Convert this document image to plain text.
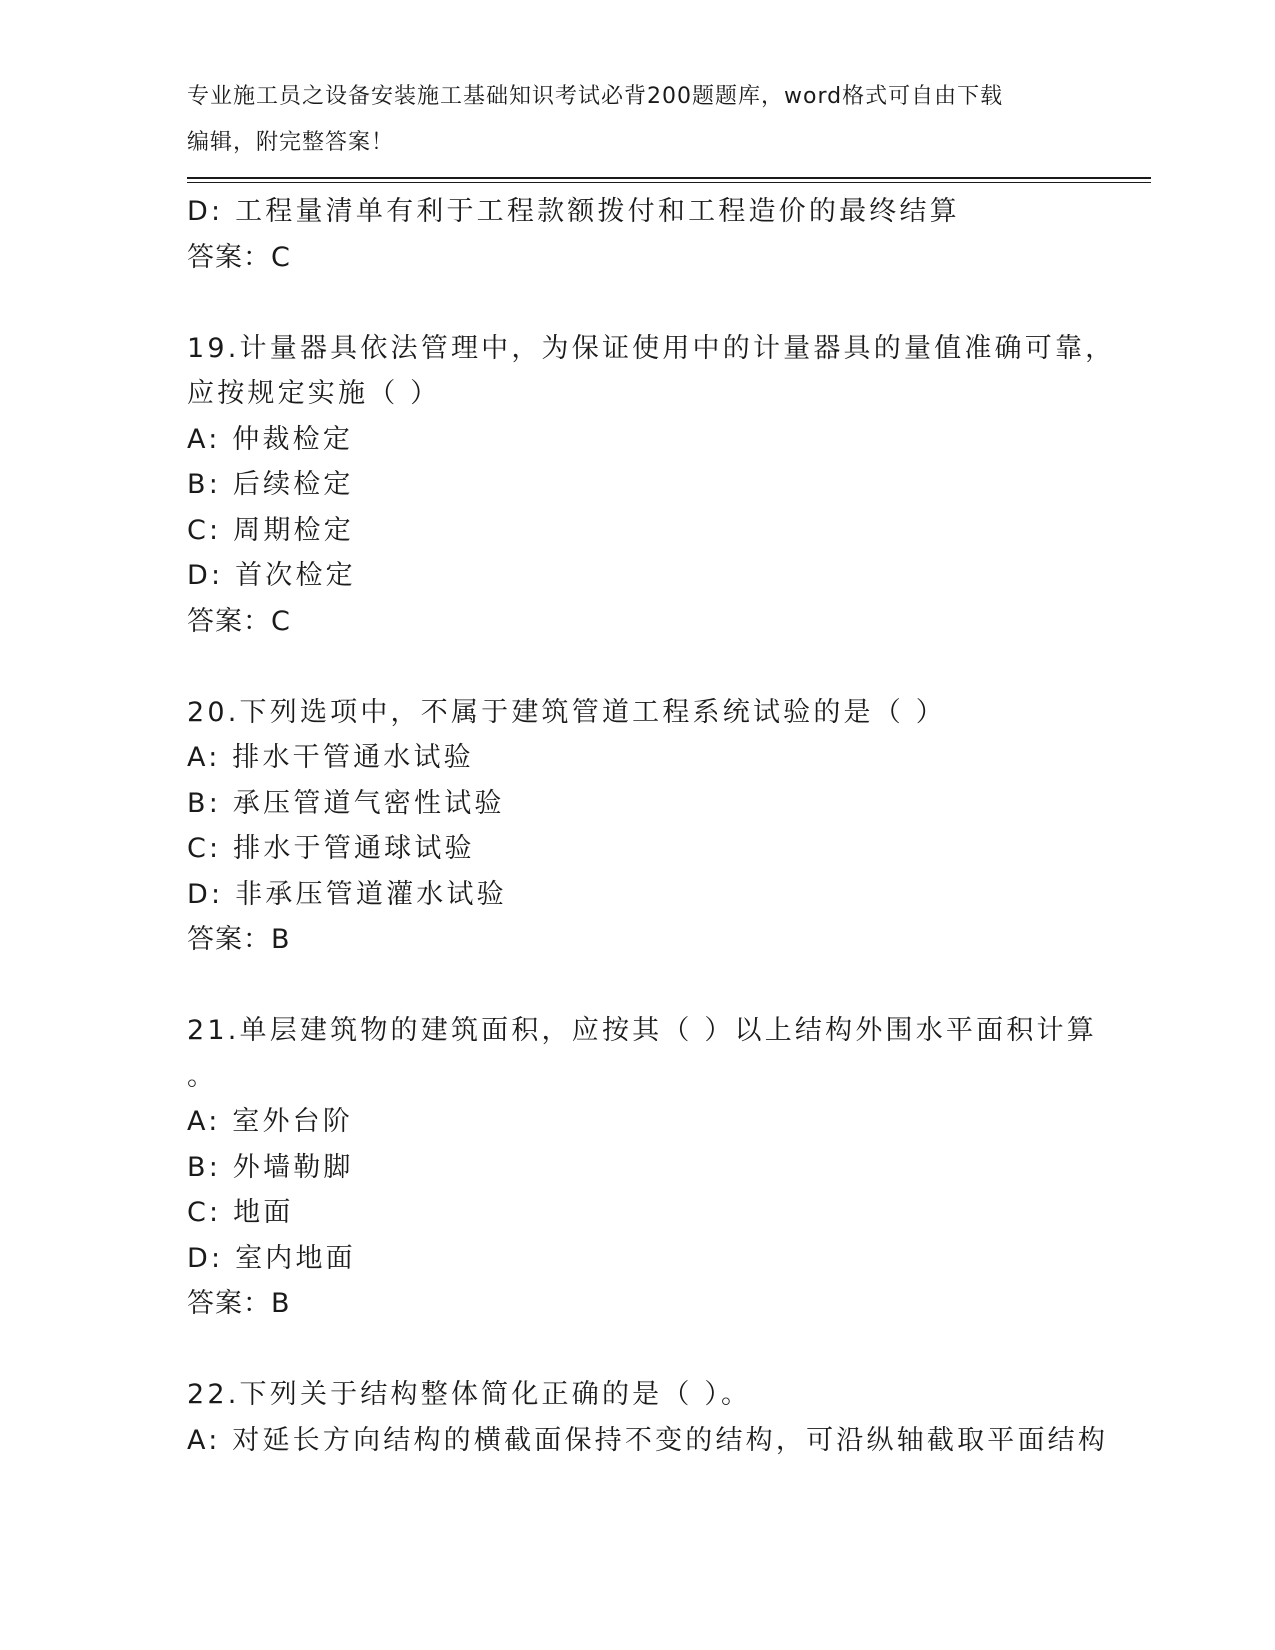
专业施工员之设备安装施工基础知识考试必背200题题库，word格式可自由下载
编辑，附完整答案！
D: 工程量清单有利于工程款额拨付和工程造价的最终结算
答案：C
19.计量器具依法管理中，为保证使用中的计量器具的量值准确可靠，
应按规定实施（ ）
A: 仲裁检定
B: 后续检定
C: 周期检定
D: 首次检定
答案：C
20.下列选项中，不属于建筑管道工程系统试验的是（ ）
A: 排水干管通水试验
B: 承压管道气密性试验
C: 排水于管通球试验
D: 非承压管道灌水试验
答案：B
21.单层建筑物的建筑面积，应按其（ ）以上结构外围水平面积计算
。
A: 室外台阶
B: 外墙勒脚
C: 地面
D: 室内地面
答案：B
22.下列关于结构整体简化正确的是（ ）。
A: 对延长方向结构的横截面保持不变的结构，可沿纵轴截取平面结构
